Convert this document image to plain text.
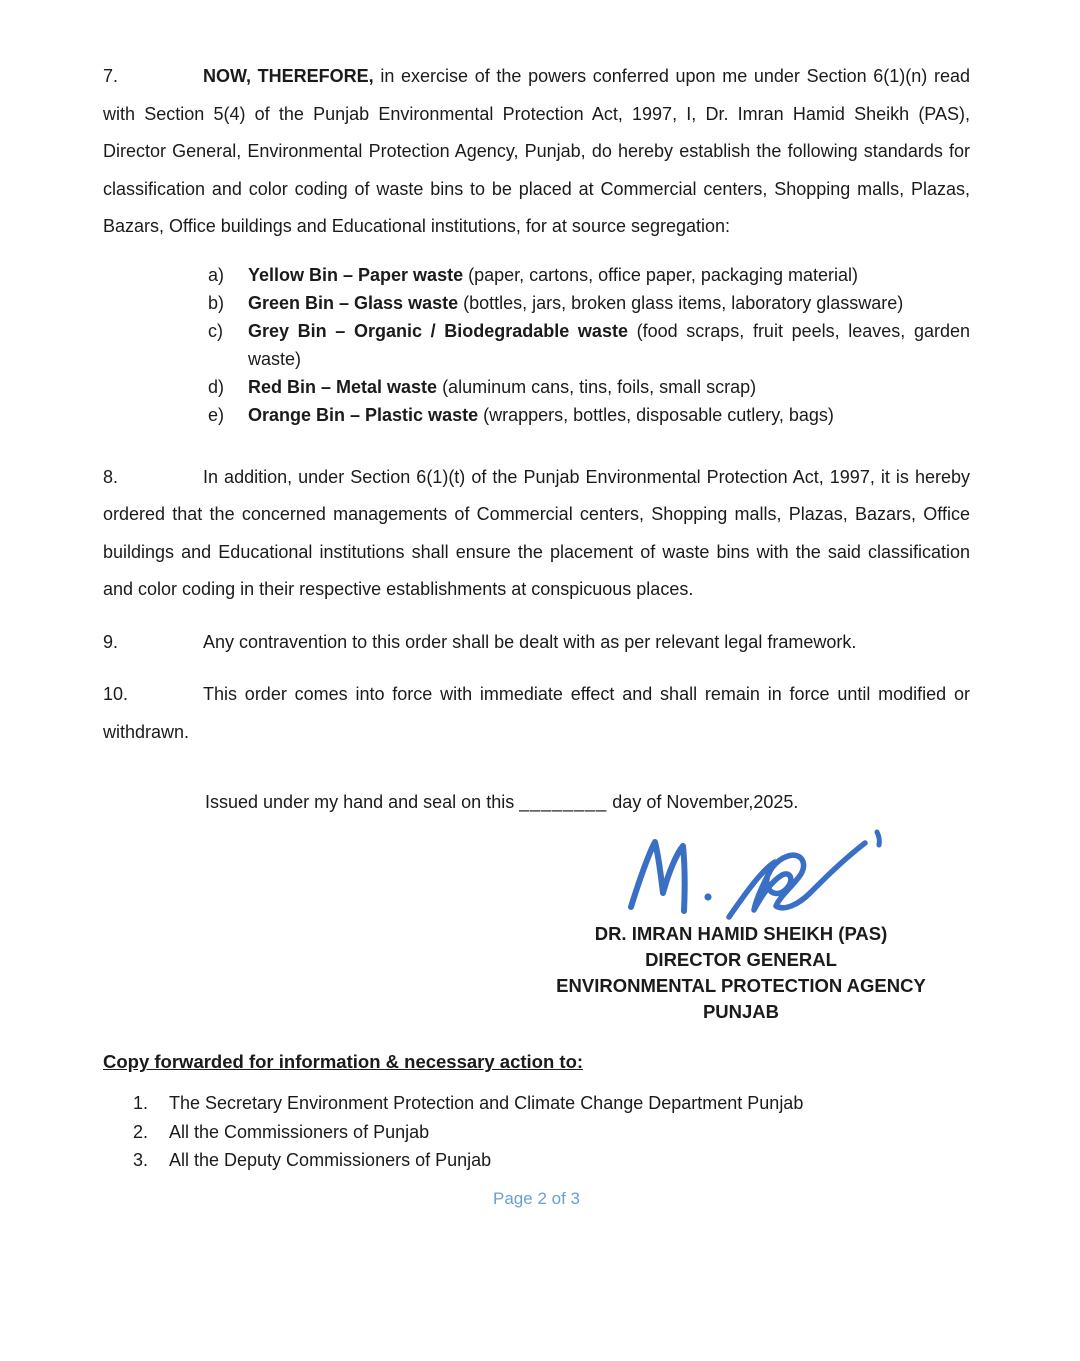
7.	NOW, THEREFORE, in exercise of the powers conferred upon me under Section 6(1)(n) read with Section 5(4) of the Punjab Environmental Protection Act, 1997, I, Dr. Imran Hamid Sheikh (PAS), Director General, Environmental Protection Agency, Punjab, do hereby establish the following standards for classification and color coding of waste bins to be placed at Commercial centers, Shopping malls, Plazas, Bazars, Office buildings and Educational institutions, for at source segregation:

a) Yellow Bin – Paper waste (paper, cartons, office paper, packaging material)
b) Green Bin – Glass waste (bottles, jars, broken glass items, laboratory glassware)
c) Grey Bin – Organic / Biodegradable waste (food scraps, fruit peels, leaves, garden waste)
d) Red Bin – Metal waste (aluminum cans, tins, foils, small scrap)
e) Orange Bin – Plastic waste (wrappers, bottles, disposable cutlery, bags)

8.	In addition, under Section 6(1)(t) of the Punjab Environmental Protection Act, 1997, it is hereby ordered that the concerned managements of Commercial centers, Shopping malls, Plazas, Bazars, Office buildings and Educational institutions shall ensure the placement of waste bins with the said classification and color coding in their respective establishments at conspicuous places.

9.	Any contravention to this order shall be dealt with as per relevant legal framework.

10.	This order comes into force with immediate effect and shall remain in force until modified or withdrawn.

Issued under my hand and seal on this ________ day of November,2025.
DR. IMRAN HAMID SHEIKH (PAS)
DIRECTOR GENERAL
ENVIRONMENTAL PROTECTION AGENCY
PUNJAB
Copy forwarded for information & necessary action to:
1. The Secretary Environment Protection and Climate Change Department Punjab
2. All the Commissioners of Punjab
3. All the Deputy Commissioners of Punjab
Page 2 of 3
